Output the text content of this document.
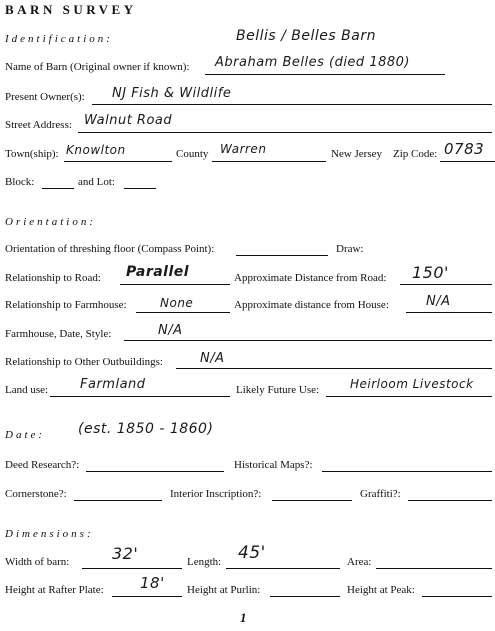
BARN SURVEY
Identification:	Bellis / Belles Barn
Name of Barn (Original owner if known): Abraham Belles (died 1880)
Present Owner(s): NJ Fish & Wildlife
Street Address: Walnut Road
Town(ship): Knowlton	County Warren	New Jersey Zip Code: 0783
Block:	and Lot:
Orientation:
Orientation of threshing floor (Compass Point):	Draw:
Relationship to Road: Parallel	Approximate Distance from Road: 150'
Relationship to Farmhouse:	None	Approximate distance from House:	N/A
Farmhouse, Date, Style:	N/A
Relationship to Other Outbuildings:	N/A
Land use: Farmland	Likely Future Use:	Heirloom Livestock
Date: (est. 1850 - 1860)
Deed Research?:	Historical Maps?:
Cornerstone?:	Interior Inscription?:	Graffiti?:
Dimensions:
Width of barn:	32'	Length: 45'	Area:
Height at Rafter Plate: 18' Height at Purlin:	Height at Peak:
1
